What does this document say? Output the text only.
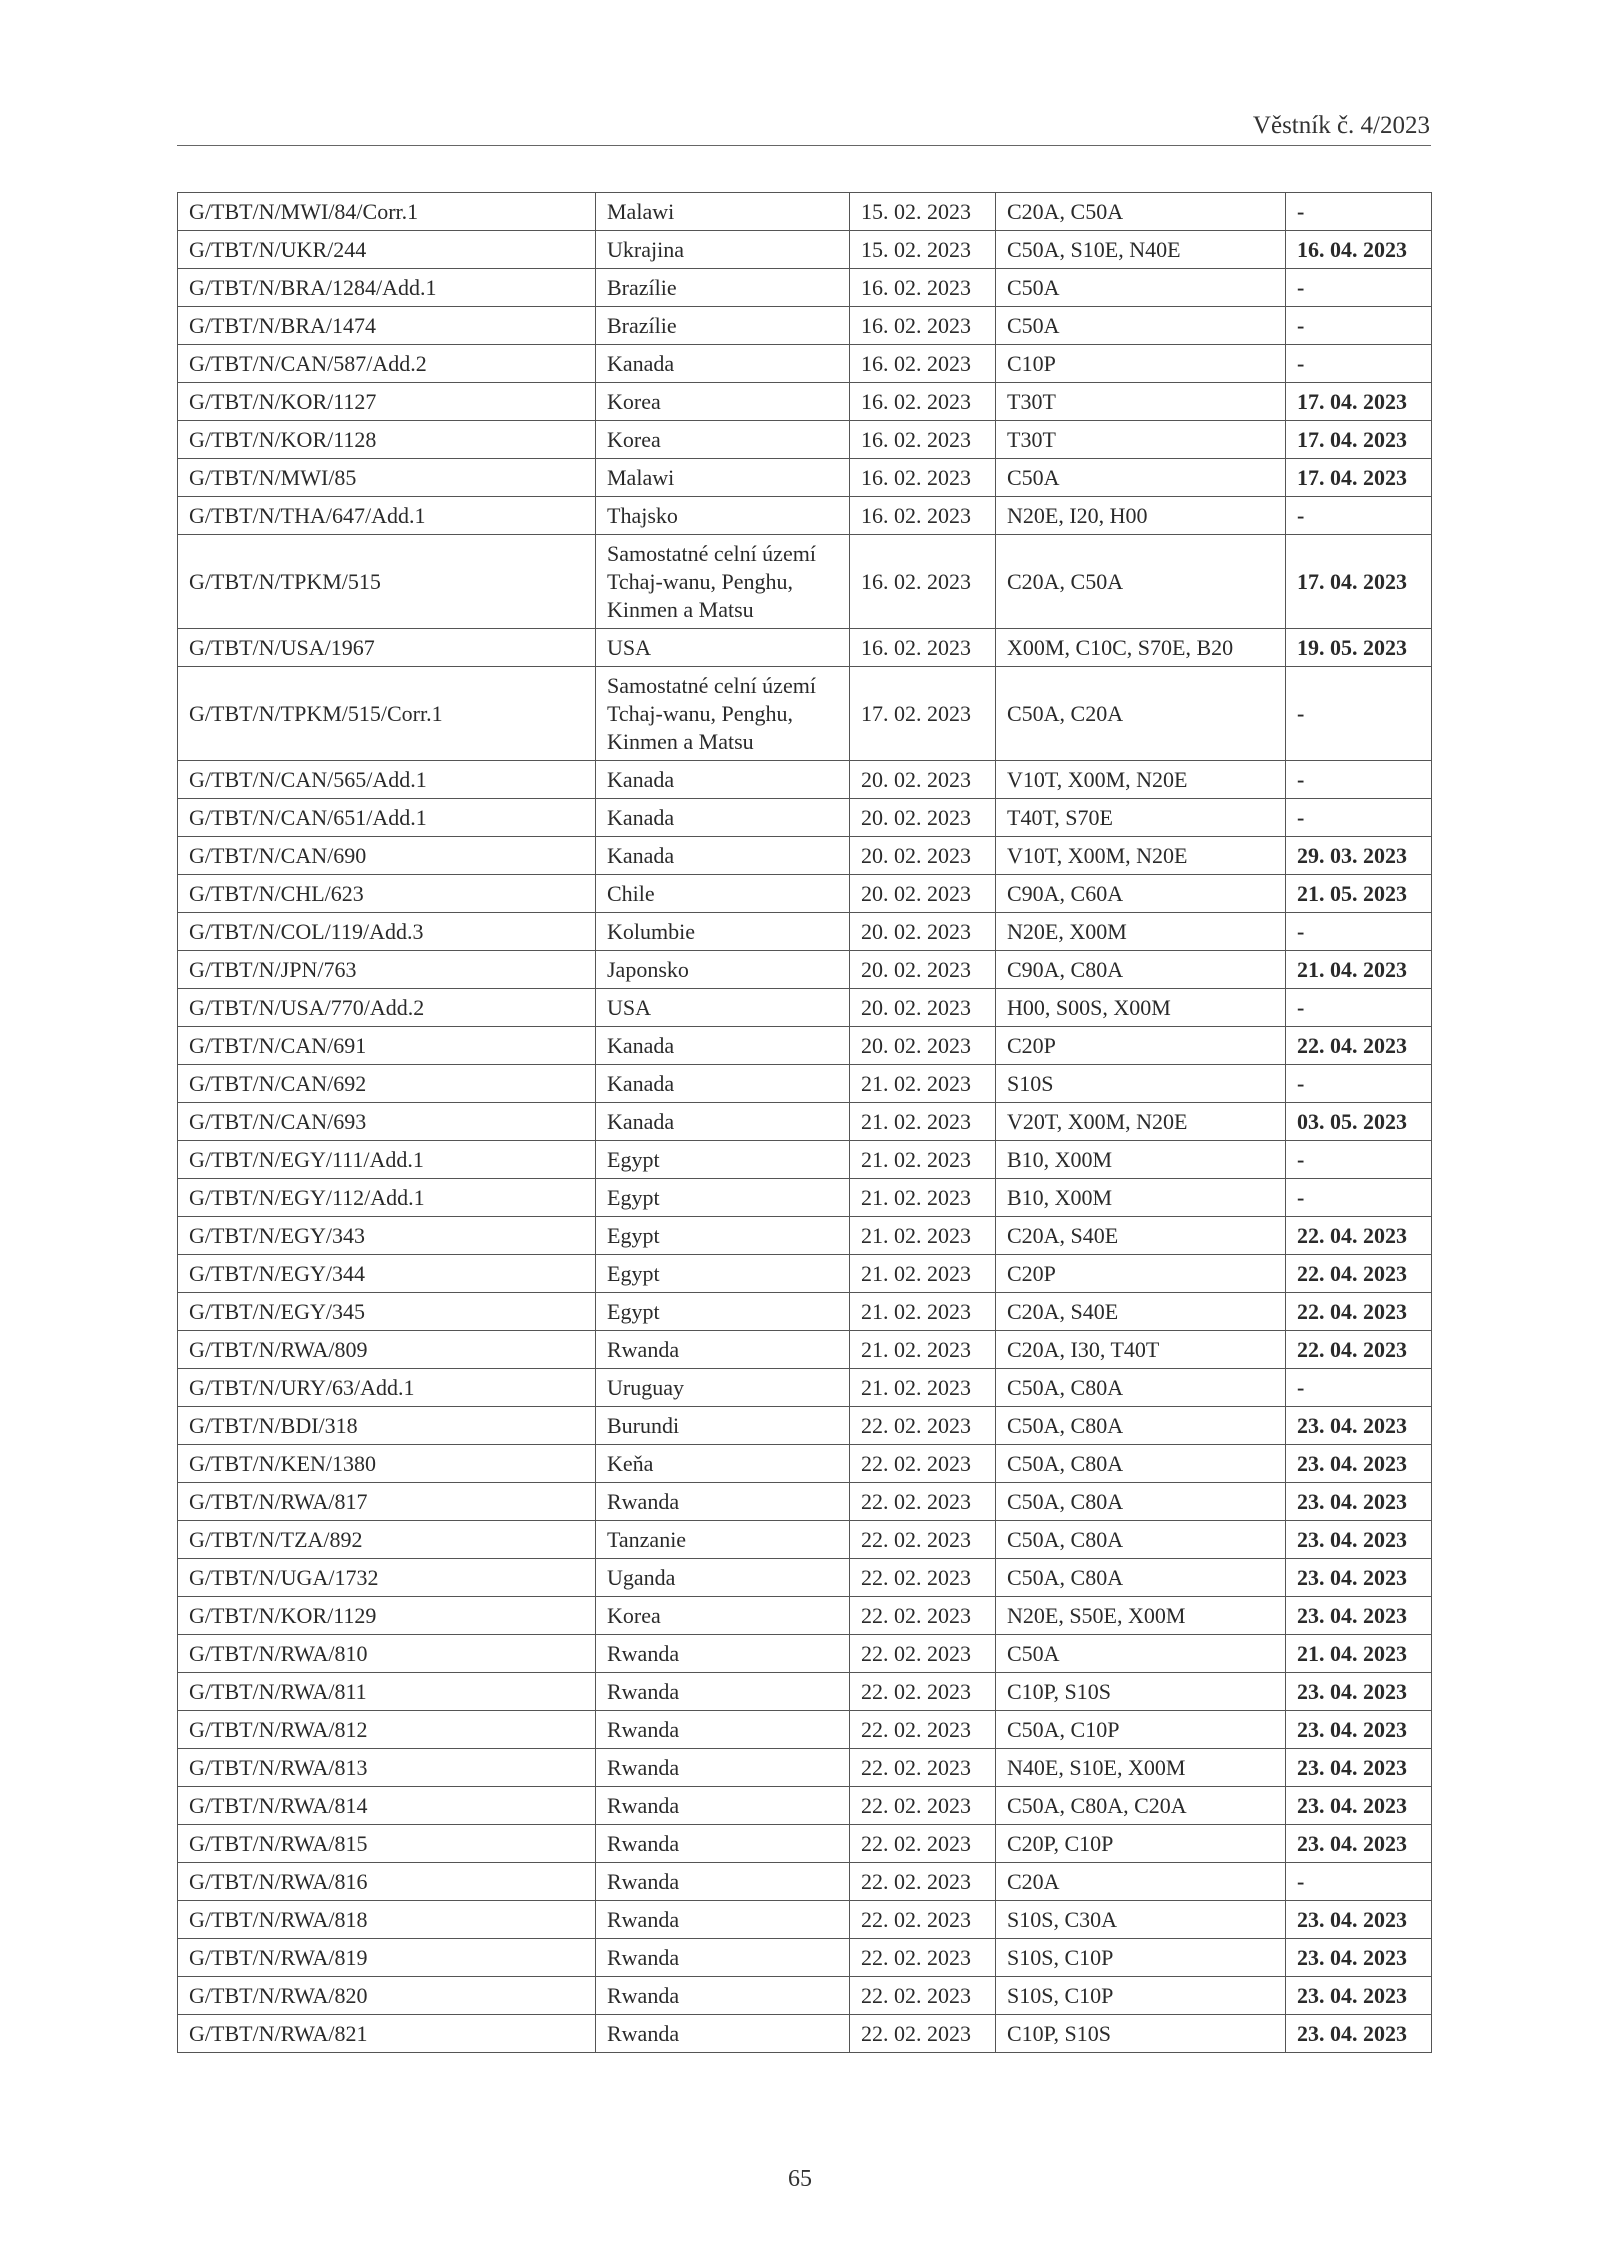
Věstník č. 4/2023
G/TBT/N/MWI/84/Corr.1	Malawi	15. 02. 2023	C20A, C50A	-
G/TBT/N/UKR/244	Ukrajina	15. 02. 2023	C50A, S10E, N40E	16. 04. 2023
G/TBT/N/BRA/1284/Add.1	Brazílie	16. 02. 2023	C50A	-
G/TBT/N/BRA/1474	Brazílie	16. 02. 2023	C50A	-
G/TBT/N/CAN/587/Add.2	Kanada	16. 02. 2023	C10P	-
G/TBT/N/KOR/1127	Korea	16. 02. 2023	T30T	17. 04. 2023
G/TBT/N/KOR/1128	Korea	16. 02. 2023	T30T	17. 04. 2023
G/TBT/N/MWI/85	Malawi	16. 02. 2023	C50A	17. 04. 2023
G/TBT/N/THA/647/Add.1	Thajsko	16. 02. 2023	N20E, I20, H00	-
G/TBT/N/TPKM/515	Samostatné celní území Tchaj-wanu, Penghu, Kinmen a Matsu	16. 02. 2023	C20A, C50A	17. 04. 2023
G/TBT/N/USA/1967	USA	16. 02. 2023	X00M, C10C, S70E, B20	19. 05. 2023
G/TBT/N/TPKM/515/Corr.1	Samostatné celní území Tchaj-wanu, Penghu, Kinmen a Matsu	17. 02. 2023	C50A, C20A	-
G/TBT/N/CAN/565/Add.1	Kanada	20. 02. 2023	V10T, X00M, N20E	-
G/TBT/N/CAN/651/Add.1	Kanada	20. 02. 2023	T40T, S70E	-
G/TBT/N/CAN/690	Kanada	20. 02. 2023	V10T, X00M, N20E	29. 03. 2023
G/TBT/N/CHL/623	Chile	20. 02. 2023	C90A, C60A	21. 05. 2023
G/TBT/N/COL/119/Add.3	Kolumbie	20. 02. 2023	N20E, X00M	-
G/TBT/N/JPN/763	Japonsko	20. 02. 2023	C90A, C80A	21. 04. 2023
G/TBT/N/USA/770/Add.2	USA	20. 02. 2023	H00, S00S, X00M	-
G/TBT/N/CAN/691	Kanada	20. 02. 2023	C20P	22. 04. 2023
G/TBT/N/CAN/692	Kanada	21. 02. 2023	S10S	-
G/TBT/N/CAN/693	Kanada	21. 02. 2023	V20T, X00M, N20E	03. 05. 2023
G/TBT/N/EGY/111/Add.1	Egypt	21. 02. 2023	B10, X00M	-
G/TBT/N/EGY/112/Add.1	Egypt	21. 02. 2023	B10, X00M	-
G/TBT/N/EGY/343	Egypt	21. 02. 2023	C20A, S40E	22. 04. 2023
G/TBT/N/EGY/344	Egypt	21. 02. 2023	C20P	22. 04. 2023
G/TBT/N/EGY/345	Egypt	21. 02. 2023	C20A, S40E	22. 04. 2023
G/TBT/N/RWA/809	Rwanda	21. 02. 2023	C20A, I30, T40T	22. 04. 2023
G/TBT/N/URY/63/Add.1	Uruguay	21. 02. 2023	C50A, C80A	-
G/TBT/N/BDI/318	Burundi	22. 02. 2023	C50A, C80A	23. 04. 2023
G/TBT/N/KEN/1380	Keňa	22. 02. 2023	C50A, C80A	23. 04. 2023
G/TBT/N/RWA/817	Rwanda	22. 02. 2023	C50A, C80A	23. 04. 2023
G/TBT/N/TZA/892	Tanzanie	22. 02. 2023	C50A, C80A	23. 04. 2023
G/TBT/N/UGA/1732	Uganda	22. 02. 2023	C50A, C80A	23. 04. 2023
G/TBT/N/KOR/1129	Korea	22. 02. 2023	N20E, S50E, X00M	23. 04. 2023
G/TBT/N/RWA/810	Rwanda	22. 02. 2023	C50A	21. 04. 2023
G/TBT/N/RWA/811	Rwanda	22. 02. 2023	C10P, S10S	23. 04. 2023
G/TBT/N/RWA/812	Rwanda	22. 02. 2023	C50A, C10P	23. 04. 2023
G/TBT/N/RWA/813	Rwanda	22. 02. 2023	N40E, S10E, X00M	23. 04. 2023
G/TBT/N/RWA/814	Rwanda	22. 02. 2023	C50A, C80A, C20A	23. 04. 2023
G/TBT/N/RWA/815	Rwanda	22. 02. 2023	C20P, C10P	23. 04. 2023
G/TBT/N/RWA/816	Rwanda	22. 02. 2023	C20A	-
G/TBT/N/RWA/818	Rwanda	22. 02. 2023	S10S, C30A	23. 04. 2023
G/TBT/N/RWA/819	Rwanda	22. 02. 2023	S10S, C10P	23. 04. 2023
G/TBT/N/RWA/820	Rwanda	22. 02. 2023	S10S, C10P	23. 04. 2023
G/TBT/N/RWA/821	Rwanda	22. 02. 2023	C10P, S10S	23. 04. 2023
65
